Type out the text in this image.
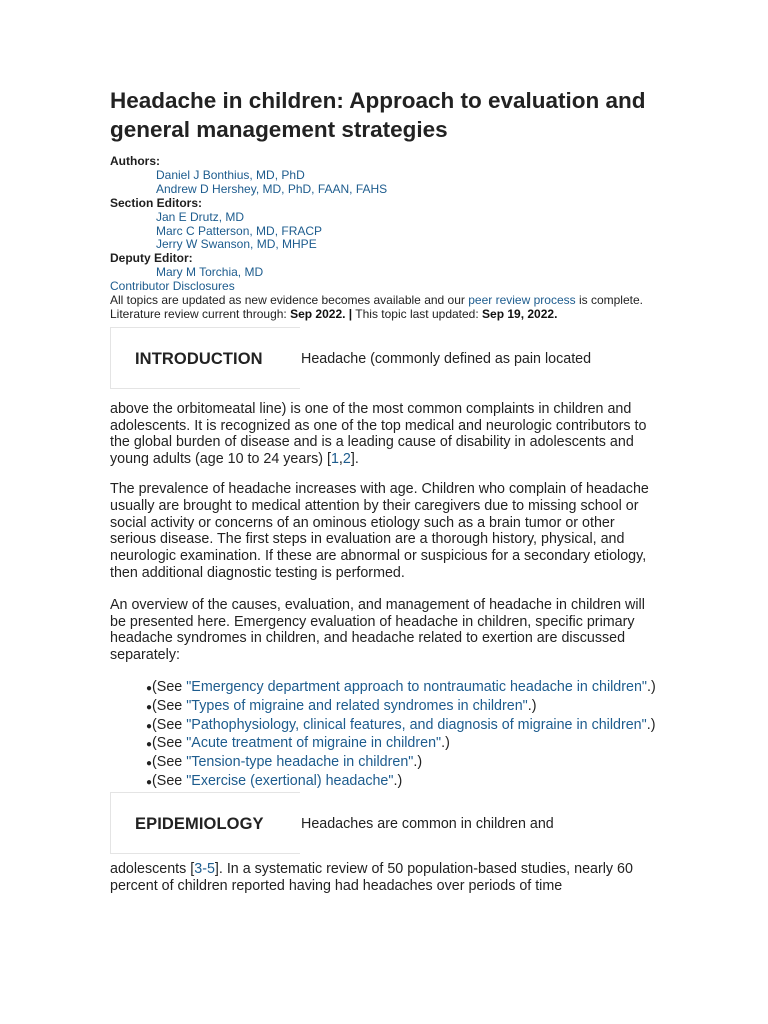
Headache in children: Approach to evaluation and general management strategies
Authors:
Daniel J Bonthius, MD, PhD
Andrew D Hershey, MD, PhD, FAAN, FAHS
Section Editors:
Jan E Drutz, MD
Marc C Patterson, MD, FRACP
Jerry W Swanson, MD, MHPE
Deputy Editor:
Mary M Torchia, MD
Contributor Disclosures
All topics are updated as new evidence becomes available and our peer review process is complete.
Literature review current through: Sep 2022. | This topic last updated: Sep 19, 2022.
INTRODUCTION	Headache (commonly defined as pain located

above the orbitomeatal line) is one of the most common complaints in children and adolescents. It is recognized as one of the top medical and neurologic contributors to the global burden of disease and is a leading cause of disability in adolescents and young adults (age 10 to 24 years) [1,2].

The prevalence of headache increases with age. Children who complain of headache usually are brought to medical attention by their caregivers due to missing school or social activity or concerns of an ominous etiology such as a brain tumor or other serious disease. The first steps in evaluation are a thorough history, physical, and neurologic examination. If these are abnormal or suspicious for a secondary etiology, then additional diagnostic testing is performed.

An overview of the causes, evaluation, and management of headache in children will be presented here. Emergency evaluation of headache in children, specific primary headache syndromes in children, and headache related to exertion are discussed separately:

●(See "Emergency department approach to nontraumatic headache in children".)
●(See "Types of migraine and related syndromes in children".)
●(See "Pathophysiology, clinical features, and diagnosis of migraine in children".)
●(See "Acute treatment of migraine in children".)
●(See "Tension-type headache in children".)
●(See "Exercise (exertional) headache".)
EPIDEMIOLOGY	Headaches are common in children and

adolescents [3-5]. In a systematic review of 50 population-based studies, nearly 60 percent of children reported having had headaches over periods of time
